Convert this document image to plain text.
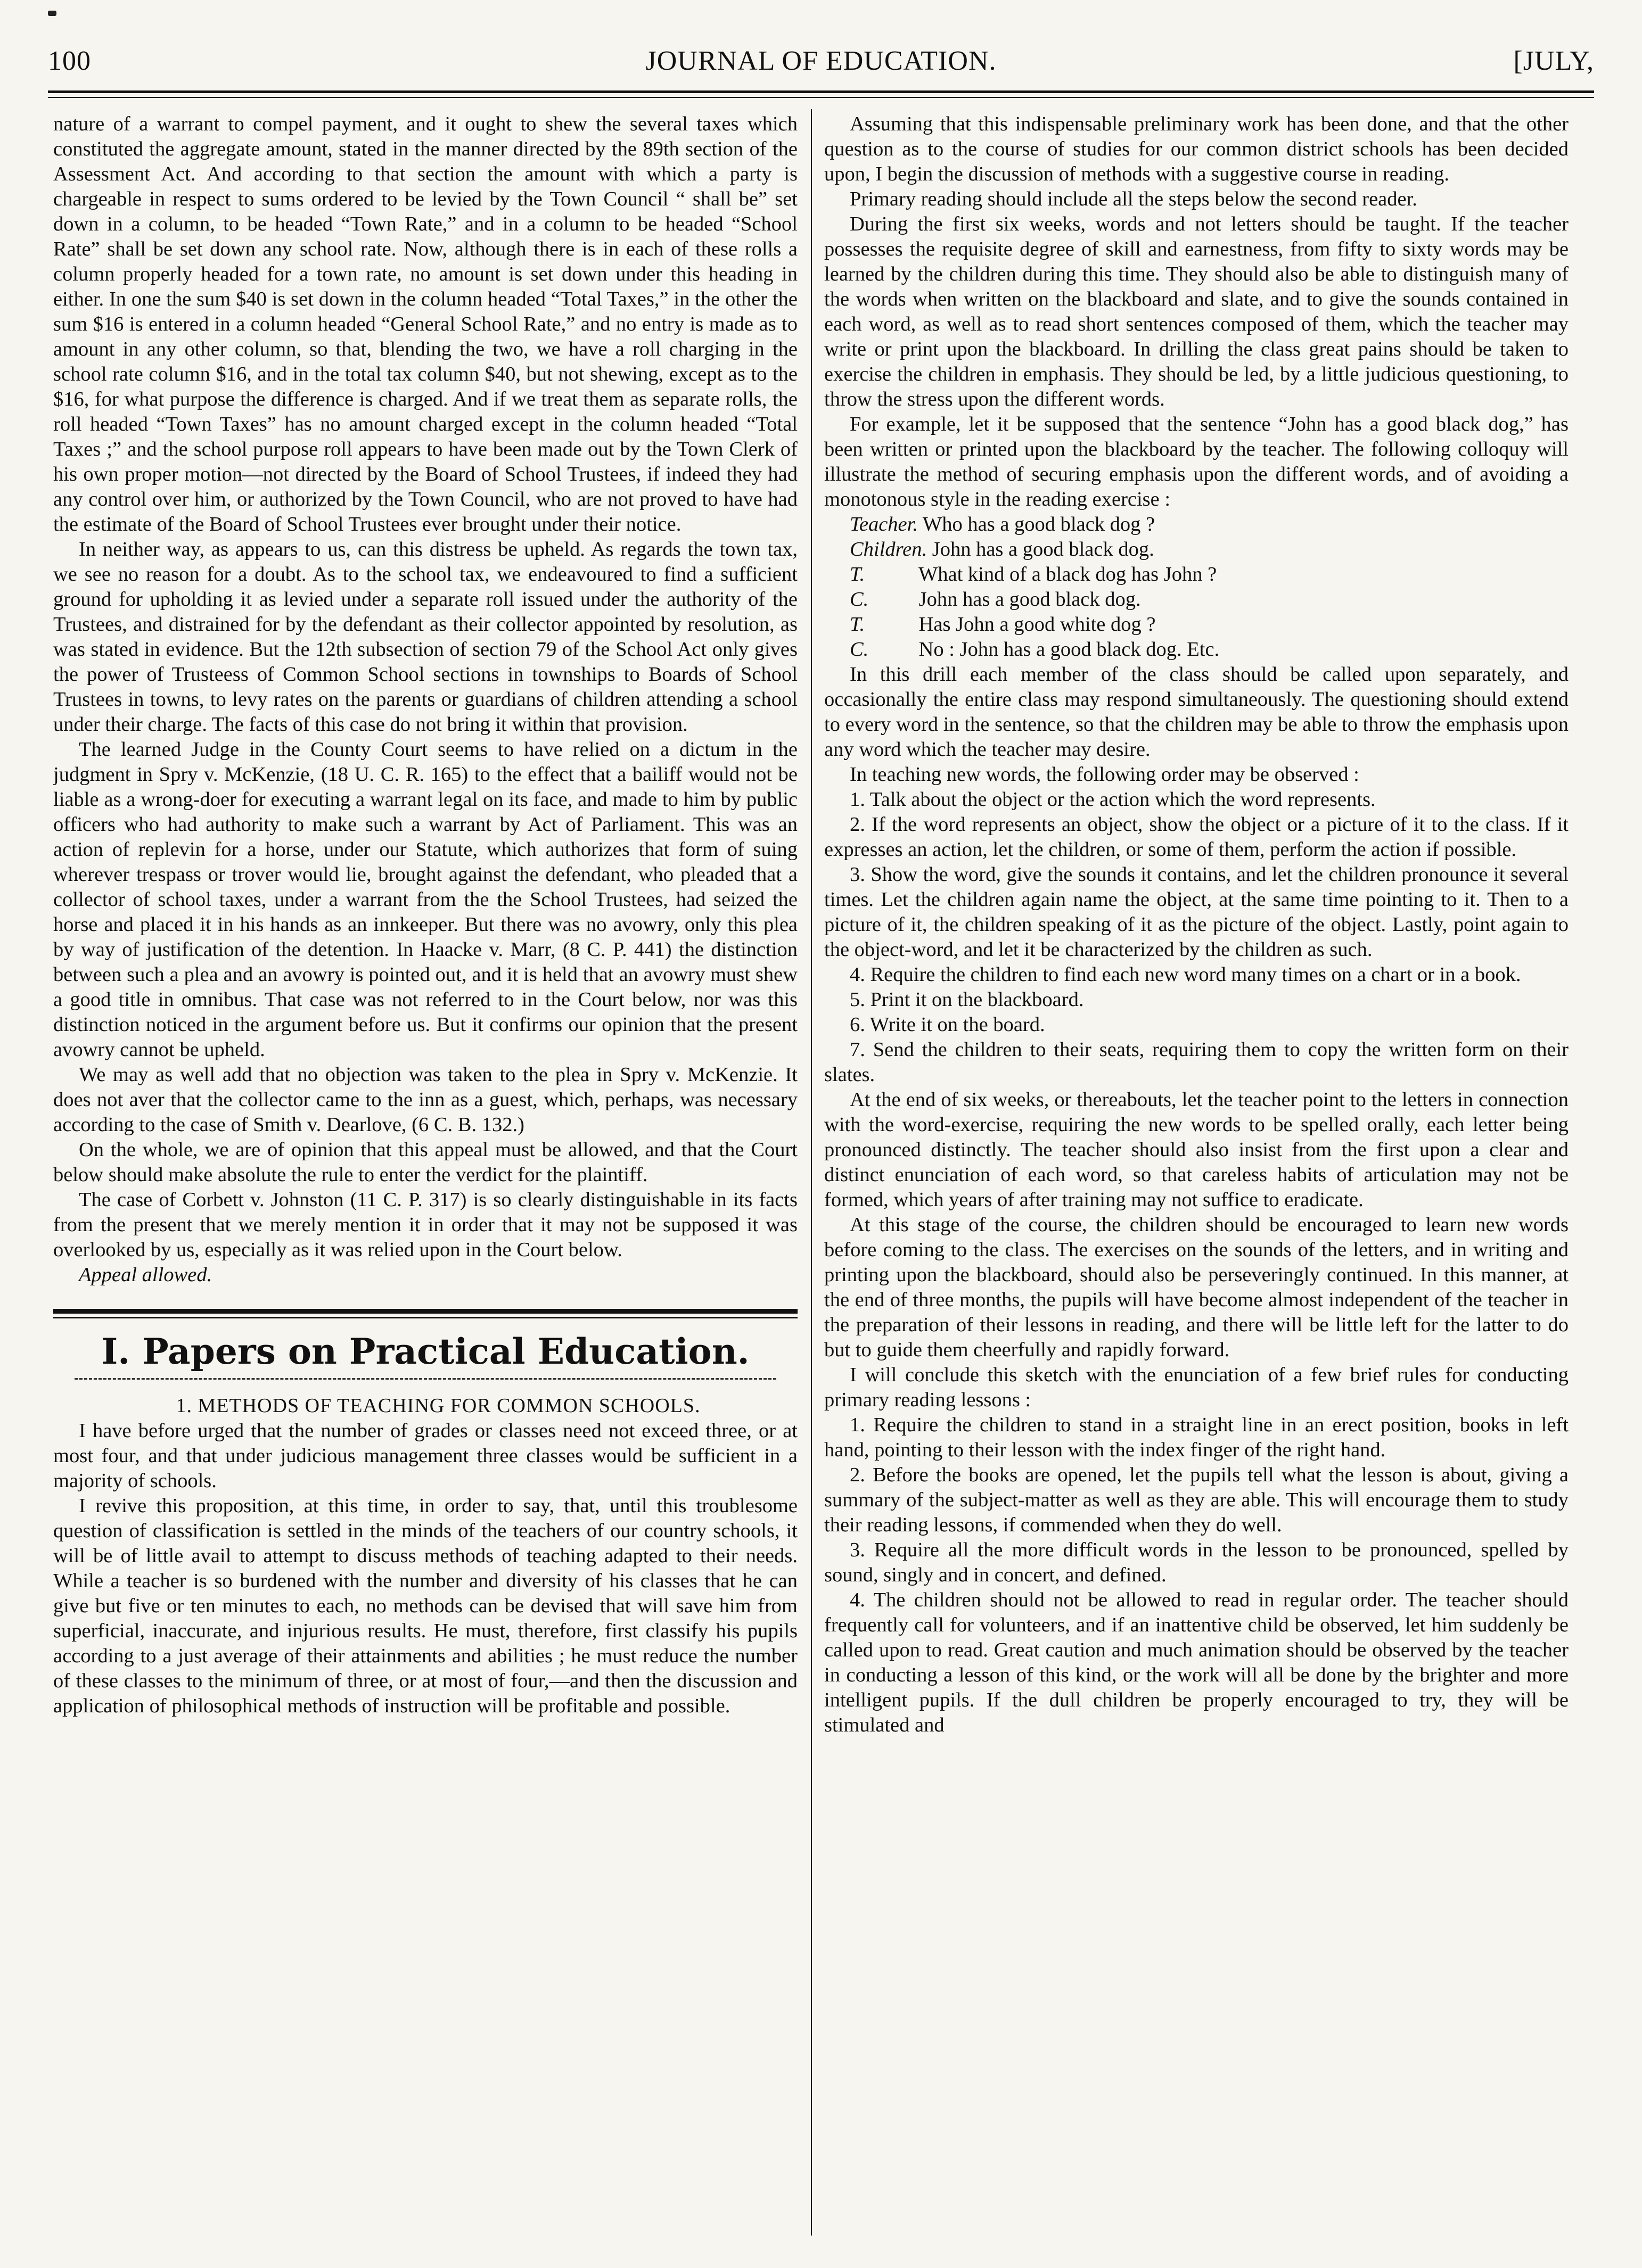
100	JOURNAL OF EDUCATION.	[JULY,

nature of a warrant to compel payment, and it ought to shew the several taxes which constituted the aggregate amount, stated in the manner directed by the 89th section of the Assessment Act. And according to that section the amount with which a party is chargeable in respect to sums ordered to be levied by the Town Council “ shall be” set down in a column, to be headed “Town Rate,” and in a column to be headed “School Rate” shall be set down any school rate. Now, although there is in each of these rolls a column properly headed for a town rate, no amount is set down under this heading in either. In one the sum $40 is set down in the column headed “Total Taxes,” in the other the sum $16 is entered in a column headed “General School Rate,” and no entry is made as to amount in any other column, so that, blending the two, we have a roll charging in the school rate column $16, and in the total tax column $40, but not shewing, except as to the $16, for what purpose the difference is charged. And if we treat them as separate rolls, the roll headed “Town Taxes” has no amount charged except in the column headed “Total Taxes ;” and the school purpose roll appears to have been made out by the Town Clerk of his own proper motion—not directed by the Board of School Trustees, if indeed they had any control over him, or authorized by the Town Council, who are not proved to have had the estimate of the Board of School Trustees ever brought under their notice.

In neither way, as appears to us, can this distress be upheld. As regards the town tax, we see no reason for a doubt. As to the school tax, we endeavoured to find a sufficient ground for upholding it as levied under a separate roll issued under the authority of the Trustees, and distrained for by the defendant as their collector appointed by resolution, as was stated in evidence. But the 12th subsection of section 79 of the School Act only gives the power of Trusteess of Common School sections in townships to Boards of School Trustees in towns, to levy rates on the parents or guardians of children attending a school under their charge. The facts of this case do not bring it within that provision.

The learned Judge in the County Court seems to have relied on a dictum in the judgment in Spry v. McKenzie, (18 U. C. R. 165) to the effect that a bailiff would not be liable as a wrong-doer for executing a warrant legal on its face, and made to him by public officers who had authority to make such a warrant by Act of Parliament. This was an action of replevin for a horse, under our Statute, which authorizes that form of suing wherever trespass or trover would lie, brought against the defendant, who pleaded that a collector of school taxes, under a warrant from the the School Trustees, had seized the horse and placed it in his hands as an innkeeper. But there was no avowry, only this plea by way of justification of the detention. In Haacke v. Marr, (8 C. P. 441) the distinction between such a plea and an avowry is pointed out, and it is held that an avowry must shew a good title in omnibus. That case was not referred to in the Court below, nor was this distinction noticed in the argument before us. But it confirms our opinion that the present avowry cannot be upheld.

We may as well add that no objection was taken to the plea in Spry v. McKenzie. It does not aver that the collector came to the inn as a guest, which, perhaps, was necessary according to the case of Smith v. Dearlove, (6 C. B. 132.)

On the whole, we are of opinion that this appeal must be allowed, and that the Court below should make absolute the rule to enter the verdict for the plaintiff.

The case of Corbett v. Johnston (11 C. P. 317) is so clearly distinguishable in its facts from the present that we merely mention it in order that it may not be supposed it was overlooked by us, especially as it was relied upon in the Court below.

Appeal allowed.

I. Papers on Practical Education.

1. METHODS OF TEACHING FOR COMMON SCHOOLS.

I have before urged that the number of grades or classes need not exceed three, or at most four, and that under judicious management three classes would be sufficient in a majority of schools.

I revive this proposition, at this time, in order to say, that, until this troublesome question of classification is settled in the minds of the teachers of our country schools, it will be of little avail to attempt to discuss methods of teaching adapted to their needs. While a teacher is so burdened with the number and diversity of his classes that he can give but five or ten minutes to each, no methods can be devised that will save him from superficial, inaccurate, and injurious results. He must, therefore, first classify his pupils according to a just average of their attainments and abilities ; he must reduce the number of these classes to the minimum of three, or at most of four,—and then the discussion and application of philosophical methods of instruction will be profitable and possible.

Assuming that this indispensable preliminary work has been done, and that the other question as to the course of studies for our common district schools has been decided upon, I begin the discussion of methods with a suggestive course in reading.

Primary reading should include all the steps below the second reader.

During the first six weeks, words and not letters should be taught. If the teacher possesses the requisite degree of skill and earnestness, from fifty to sixty words may be learned by the children during this time. They should also be able to distinguish many of the words when written on the blackboard and slate, and to give the sounds contained in each word, as well as to read short sentences composed of them, which the teacher may write or print upon the blackboard. In drilling the class great pains should be taken to exercise the children in emphasis. They should be led, by a little judicious questioning, to throw the stress upon the different words.

For example, let it be supposed that the sentence “John has a good black dog,” has been written or printed upon the blackboard by the teacher. The following colloquy will illustrate the method of securing emphasis upon the different words, and of avoiding a monotonous style in the reading exercise :

Teacher. Who has a good black dog ?
Children. John has a good black dog.
T.	What kind of a black dog has John ?
C. John has a good black dog.
T.	Has John a good white dog ?
C. No : John has a good black dog. Etc.

In this drill each member of the class should be called upon separately, and occasionally the entire class may respond simultaneously. The questioning should extend to every word in the sentence, so that the children may be able to throw the emphasis upon any word which the teacher may desire.

In teaching new words, the following order may be observed :

1. Talk about the object or the action which the word represents.

2. If the word represents an object, show the object or a picture of it to the class. If it expresses an action, let the children, or some of them, perform the action if possible.

3. Show the word, give the sounds it contains, and let the children pronounce it several times. Let the children again name the object, at the same time pointing to it. Then to a picture of it, the children speaking of it as the picture of the object. Lastly, point again to the object-word, and let it be characterized by the children as such.

4. Require the children to find each new word many times on a chart or in a book.

5. Print it on the blackboard.

6. Write it on the board.

7. Send the children to their seats, requiring them to copy the written form on their slates.

At the end of six weeks, or thereabouts, let the teacher point to the letters in connection with the word-exercise, requiring the new words to be spelled orally, each letter being pronounced distinctly. The teacher should also insist from the first upon a clear and distinct enunciation of each word, so that careless habits of articulation may not be formed, which years of after training may not suffice to eradicate.

At this stage of the course, the children should be encouraged to learn new words before coming to the class. The exercises on the sounds of the letters, and in writing and printing upon the blackboard, should also be perseveringly continued. In this manner, at the end of three months, the pupils will have become almost independent of the teacher in the preparation of their lessons in reading, and there will be little left for the latter to do but to guide them cheerfully and rapidly forward.

I will conclude this sketch with the enunciation of a few brief rules for conducting primary reading lessons :

1. Require the children to stand in a straight line in an erect position, books in left hand, pointing to their lesson with the index finger of the right hand.

2. Before the books are opened, let the pupils tell what the lesson is about, giving a summary of the subject-matter as well as they are able. This will encourage them to study their reading lessons, if commended when they do well.

3. Require all the more difficult words in the lesson to be pronounced, spelled by sound, singly and in concert, and defined.

4. The children should not be allowed to read in regular order. The teacher should frequently call for volunteers, and if an inattentive child be observed, let him suddenly be called upon to read. Great caution and much animation should be observed by the teacher in conducting a lesson of this kind, or the work will all be done by the brighter and more intelligent pupils. If the dull children be properly encouraged to try, they will be stimulated and
